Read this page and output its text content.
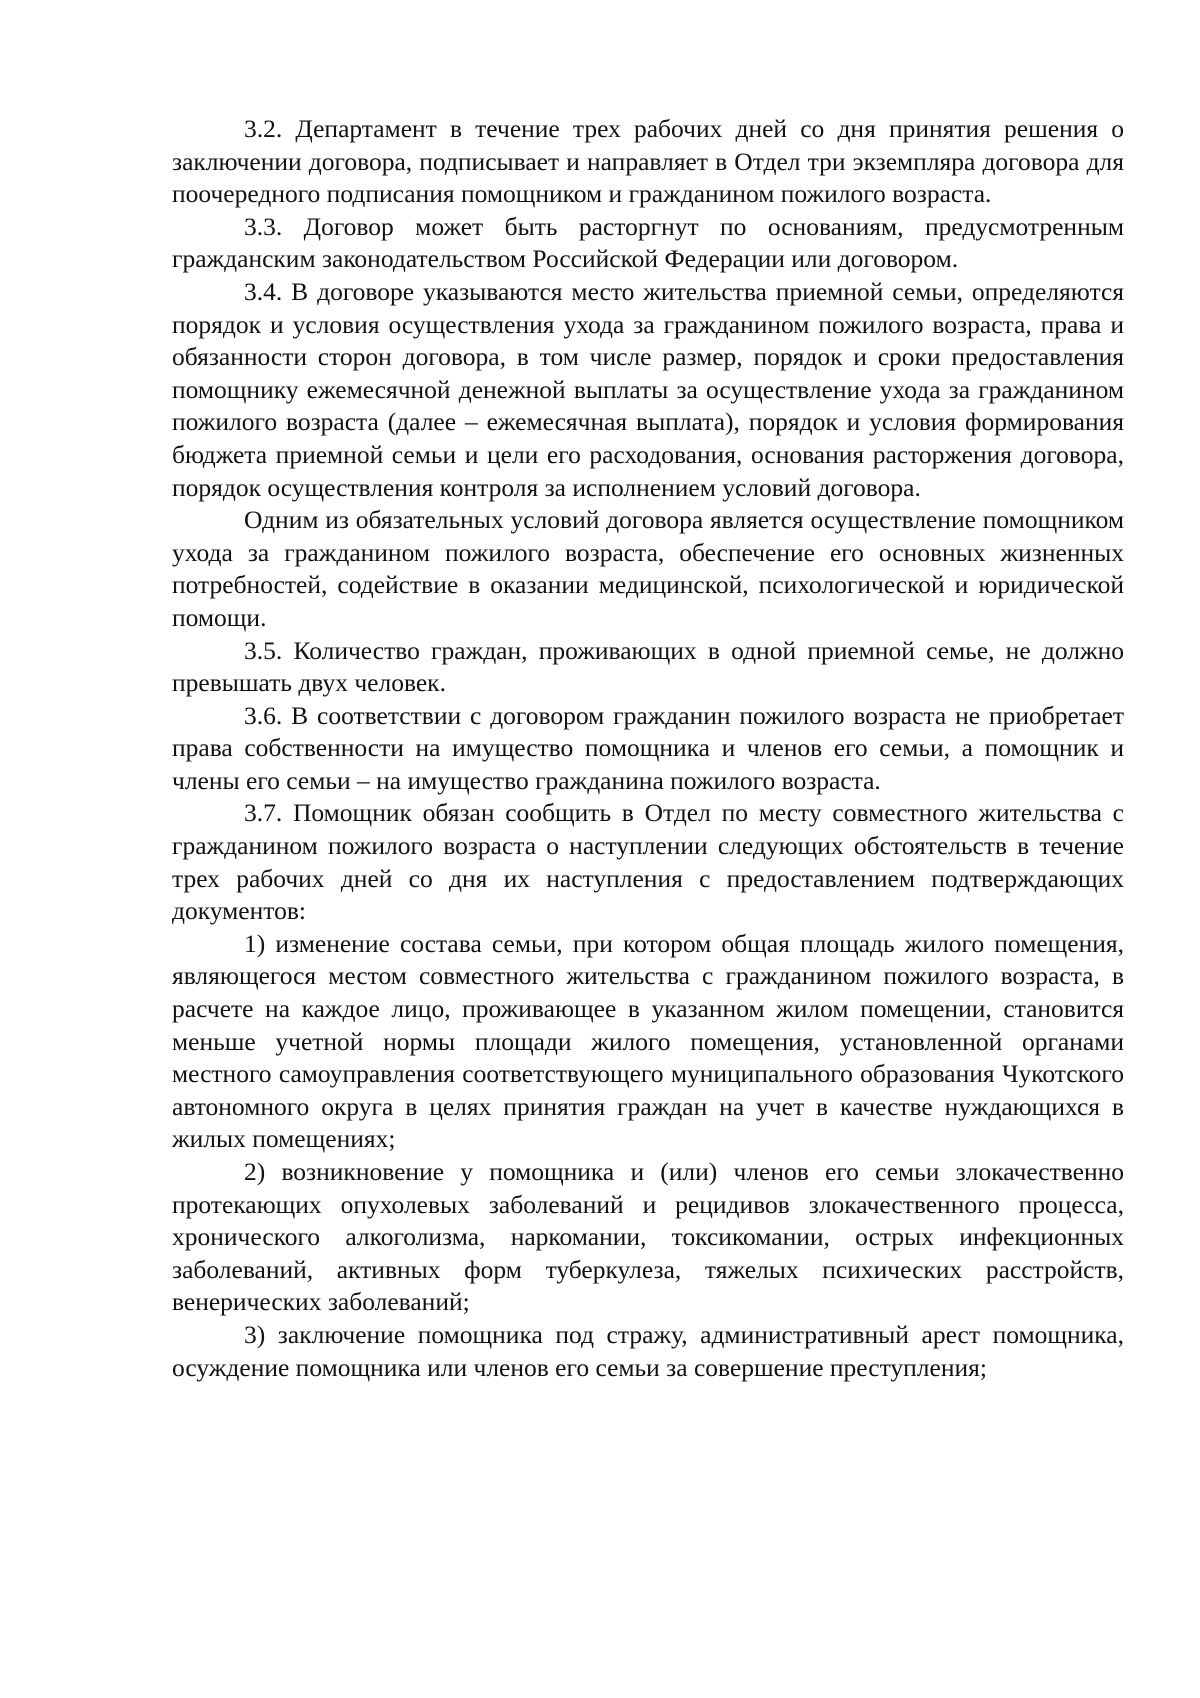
3.2. Департамент в течение трех рабочих дней со дня принятия решения о заключении договора, подписывает и направляет в Отдел три экземпляра договора для поочередного подписания помощником и гражданином пожилого возраста.

3.3. Договор может быть расторгнут по основаниям, предусмотренным гражданским законодательством Российской Федерации или договором.

3.4. В договоре указываются место жительства приемной семьи, определяются порядок и условия осуществления ухода за гражданином пожилого возраста, права и обязанности сторон договора, в том числе размер, порядок и сроки предоставления помощнику ежемесячной денежной выплаты за осуществление ухода за гражданином пожилого возраста (далее – ежемесячная выплата), порядок и условия формирования бюджета приемной семьи и цели его расходования, основания расторжения договора, порядок осуществления контроля за исполнением условий договора.

Одним из обязательных условий договора является осуществление помощником ухода за гражданином пожилого возраста, обеспечение его основных жизненных потребностей, содействие в оказании медицинской, психологической и юридической помощи.

3.5. Количество граждан, проживающих в одной приемной семье, не должно превышать двух человек.

3.6. В соответствии с договором гражданин пожилого возраста не приобретает права собственности на имущество помощника и членов его семьи, а помощник и члены его семьи – на имущество гражданина пожилого возраста.

3.7. Помощник обязан сообщить в Отдел по месту совместного жительства с гражданином пожилого возраста о наступлении следующих обстоятельств в течение трех рабочих дней со дня их наступления с предоставлением подтверждающих документов:

1) изменение состава семьи, при котором общая площадь жилого помещения, являющегося местом совместного жительства с гражданином пожилого возраста, в расчете на каждое лицо, проживающее в указанном жилом помещении, становится меньше учетной нормы площади жилого помещения, установленной органами местного самоуправления соответствующего муниципального образования Чукотского автономного округа в целях принятия граждан на учет в качестве нуждающихся в жилых помещениях;

2) возникновение у помощника и (или) членов его семьи злокачественно протекающих опухолевых заболеваний и рецидивов злокачественного процесса, хронического алкоголизма, наркомании, токсикомании, острых инфекционных заболеваний, активных форм туберкулеза, тяжелых психических расстройств, венерических заболеваний;

3) заключение помощника под стражу, административный арест помощника, осуждение помощника или членов его семьи за совершение преступления;
